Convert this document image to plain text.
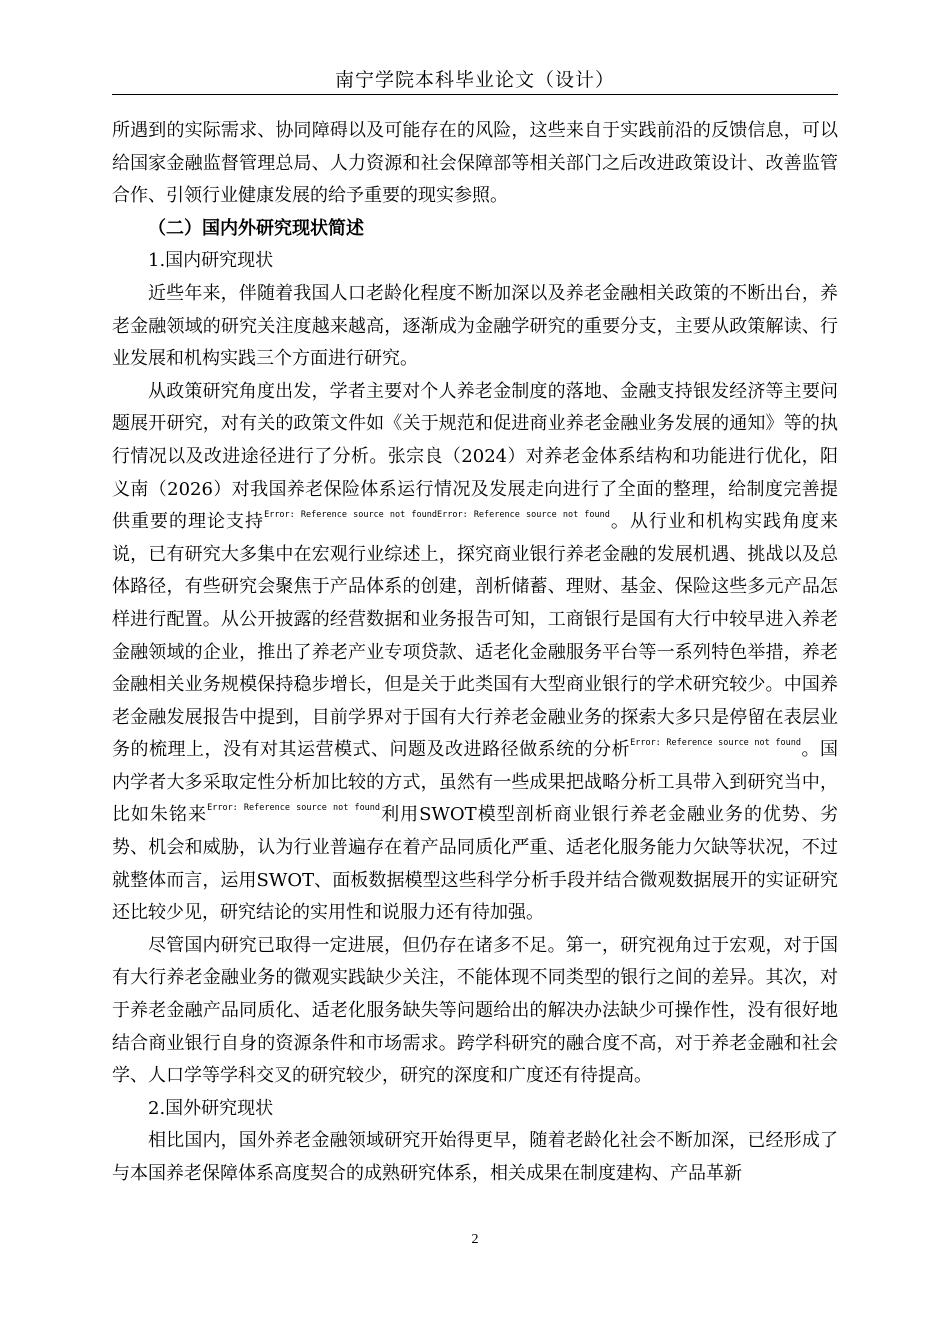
南宁学院本科毕业论文（设计）

所遇到的实际需求、协同障碍以及可能存在的风险，这些来自于实践前沿的反馈信息，可以给国家金融监督管理总局、人力资源和社会保障部等相关部门之后改进政策设计、改善监管合作、引领行业健康发展的给予重要的现实参照。

（二）国内外研究现状简述

1.国内研究现状

近些年来，伴随着我国人口老龄化程度不断加深以及养老金融相关政策的不断出台，养老金融领域的研究关注度越来越高，逐渐成为金融学研究的重要分支，主要从政策解读、行业发展和机构实践三个方面进行研究。

从政策研究角度出发，学者主要对个人养老金制度的落地、金融支持银发经济等主要问题展开研究，对有关的政策文件如《关于规范和促进商业养老金融业务发展的通知》等的执行情况以及改进途径进行了分析。张宗良（2024）对养老金体系结构和功能进行优化，阳义南（2026）对我国养老保险体系运行情况及发展走向进行了全面的整理，给制度完善提供重要的理论支持$^{Error: Reference source not foundError: Reference source not found}$。从行业和机构实践角度来说，已有研究大多集中在宏观行业综述上，探究商业银行养老金融的发展机遇、挑战以及总体路径，有些研究会聚焦于产品体系的创建，剖析储蓄、理财、基金、保险这些多元产品怎样进行配置。从公开披露的经营数据和业务报告可知，工商银行是国有大行中较早进入养老金融领域的企业，推出了养老产业专项贷款、适老化金融服务平台等一系列特色举措，养老金融相关业务规模保持稳步增长，但是关于此类国有大型商业银行的学术研究较少。中国养老金融发展报告中提到，目前学界对于国有大行养老金融业务的探索大多只是停留在表层业务的梳理上，没有对其运营模式、问题及改进路径做系统的分析$^{Error: Reference source not found}$。国内学者大多采取定性分析加比较的方式，虽然有一些成果把战略分析工具带入到研究当中，比如朱铭来$^{Error: Reference source not found}$利用SWOT模型剖析商业银行养老金融业务的优势、劣势、机会和威胁，认为行业普遍存在着产品同质化严重、适老化服务能力欠缺等状况，不过就整体而言，运用SWOT、面板数据模型这些科学分析手段并结合微观数据展开的实证研究还比较少见，研究结论的实用性和说服力还有待加强。

尽管国内研究已取得一定进展，但仍存在诸多不足。第一，研究视角过于宏观，对于国有大行养老金融业务的微观实践缺少关注，不能体现不同类型的银行之间的差异。其次，对于养老金融产品同质化、适老化服务缺失等问题给出的解决办法缺少可操作性，没有很好地结合商业银行自身的资源条件和市场需求。跨学科研究的融合度不高，对于养老金融和社会学、人口学等学科交叉的研究较少，研究的深度和广度还有待提高。

2.国外研究现状

相比国内，国外养老金融领域研究开始得更早，随着老龄化社会不断加深，已经形成了与本国养老保障体系高度契合的成熟研究体系，相关成果在制度建构、产品革新

2
